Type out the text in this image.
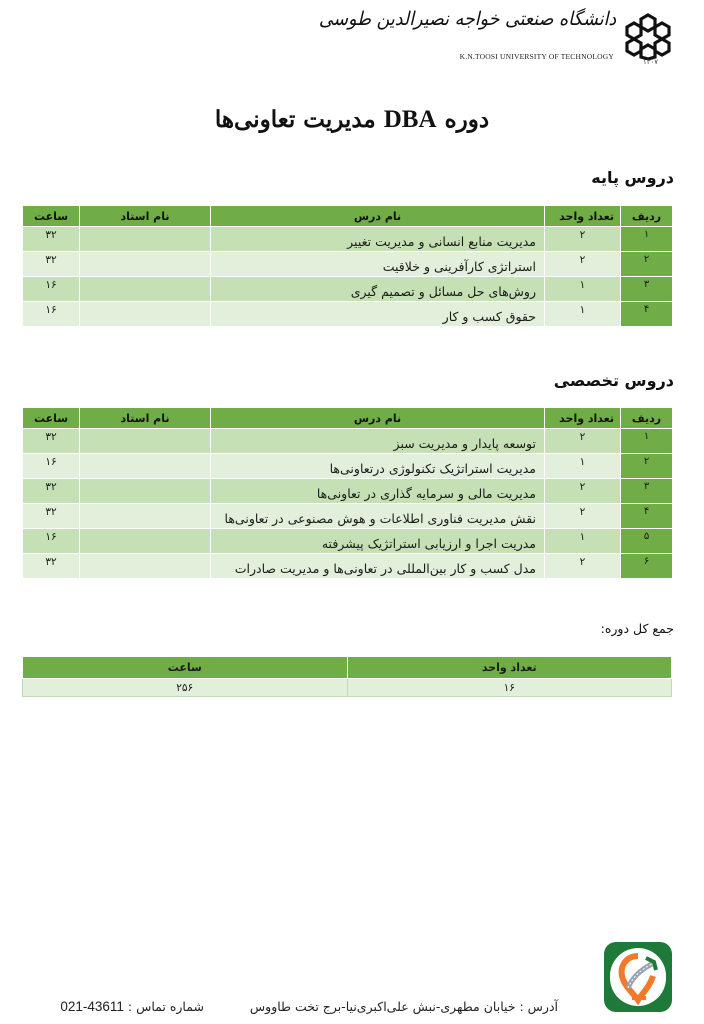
۱۳۰۷
دانشگاه صنعتی خواجه نصیرالدین طوسی
K.N.TOOSI UNIVERSITY OF TECHNOLOGY
دوره DBA مدیریت تعاونی‌ها
دروس پایه
ردیف	تعداد واحد	نام درس	نام استاد	ساعت
۱	۲	مدیریت منابع انسانی و مدیریت تغییر		۳۲
۲	۲	استراتژی کارآفرینی و خلاقیت		۳۲
۳	۱	روش‌های حل مسائل و تصمیم گیری		۱۶
۴	۱	حقوق کسب و کار		۱۶
دروس تخصصی
ردیف	تعداد واحد	نام درس	نام استاد	ساعت
۱	۲	توسعه پایدار و مدیریت سبز		۳۲
۲	۱	مدیریت استراتژیک تکنولوژی درتعاونی‌ها		۱۶
۳	۲	مدیریت مالی و سرمایه گذاری در تعاونی‌ها		۳۲
۴	۲	نقش مدیریت فناوری اطلاعات و هوش مصنوعی در تعاونی‌ها		۳۲
۵	۱	مدریت اجرا و ارزیابی استراتژیک پیشرفته		۱۶
۶	۲	مدل کسب و کار بین‌المللی در تعاونی‌ها و مدیریت صادرات		۳۲
جمع کل دوره:
تعداد واحد	ساعت
۱۶	۲۵۶
آدرس : خیابان مطهری-نبش علی‌اکبری‌نیا-برج تخت طاووس شماره تماس : 021-43611
